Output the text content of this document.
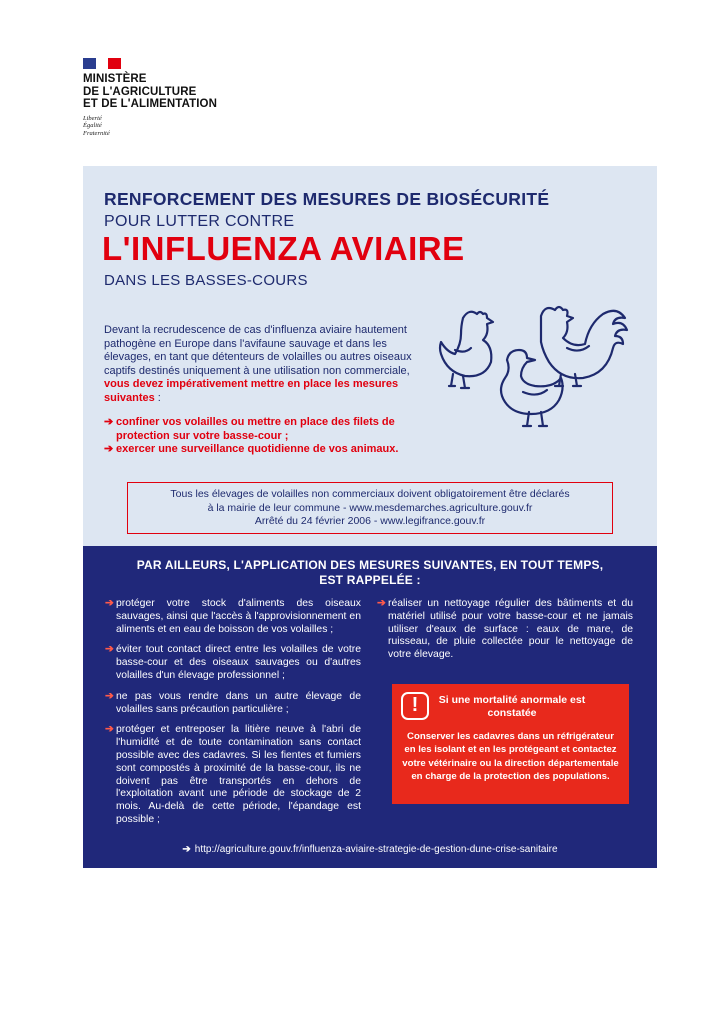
MINISTÈRE
DE L'AGRICULTURE
ET DE L'ALIMENTATION
Liberté
Égalité
Fraternité
RENFORCEMENT DES MESURES DE BIOSÉCURITÉ
POUR LUTTER CONTRE
L'INFLUENZA AVIAIRE
DANS LES BASSES-COURS
Devant la recrudescence de cas d'influenza aviaire hautement pathogène en Europe dans l'avifaune sauvage et dans les élevages, en tant que détenteurs de volailles ou autres oiseaux captifs destinés uniquement à une utilisation non commerciale, vous devez impérativement mettre en place les mesures suivantes :
➔ confiner vos volailles ou mettre en place des filets de protection sur votre basse-cour ;
➔ exercer une surveillance quotidienne de vos animaux.
Tous les élevages de volailles non commerciaux doivent obligatoirement être déclarés
à la mairie de leur commune - www.mesdemarches.agriculture.gouv.fr
Arrêté du 24 février 2006 - www.legifrance.gouv.fr
PAR AILLEURS, L'APPLICATION DES MESURES SUIVANTES, EN TOUT TEMPS,
EST RAPPELÉE :
➔ protéger votre stock d'aliments des oiseaux sauvages, ainsi que l'accès à l'approvisionnement en aliments et en eau de boisson de vos volailles ;
➔ éviter tout contact direct entre les volailles de votre basse-cour et des oiseaux sauvages ou d'autres volailles d'un élevage professionnel ;
➔ ne pas vous rendre dans un autre élevage de volailles sans précaution particulière ;
➔ protéger et entreposer la litière neuve à l'abri de l'humidité et de toute contamination sans contact possible avec des cadavres. Si les fientes et fumiers sont compostés à proximité de la basse-cour, ils ne doivent pas être transportés en dehors de l'exploitation avant une période de stockage de 2 mois. Au-delà de cette période, l'épandage est possible ;
➔ réaliser un nettoyage régulier des bâtiments et du matériel utilisé pour votre basse-cour et ne jamais utiliser d'eaux de surface : eaux de mare, de ruisseau, de pluie collectée pour le nettoyage de votre élevage.
!	Si une mortalité anormale est constatée
Conserver les cadavres dans un réfrigérateur en les isolant et en les protégeant et contactez votre vétérinaire ou la direction départementale en charge de la protection des populations.
➔ http://agriculture.gouv.fr/influenza-aviaire-strategie-de-gestion-dune-crise-sanitaire
